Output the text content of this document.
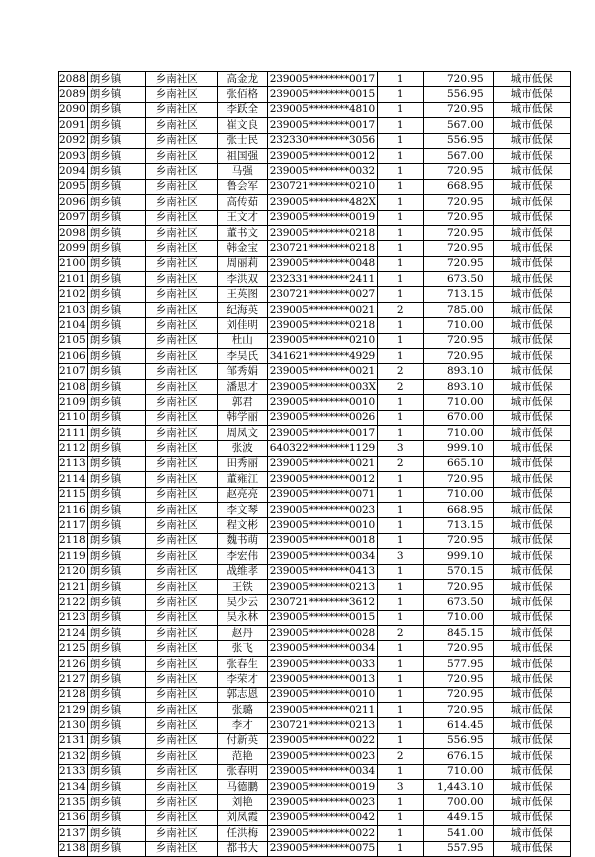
2088	朗乡镇	乡南社区	高金龙	239005********0017	1	720.95	城市低保
2089	朗乡镇	乡南社区	张佰格	239005********0015	1	556.95	城市低保
2090	朗乡镇	乡南社区	李跃全	239005********4810	1	720.95	城市低保
2091	朗乡镇	乡南社区	崔文良	239005********0017	1	567.00	城市低保
2092	朗乡镇	乡南社区	张士民	232330********3056	1	556.95	城市低保
2093	朗乡镇	乡南社区	祖国强	239005********0012	1	567.00	城市低保
2094	朗乡镇	乡南社区	马强	239005********0032	1	720.95	城市低保
2095	朗乡镇	乡南社区	鲁会军	230721********0210	1	668.95	城市低保
2096	朗乡镇	乡南社区	高传茹	239005********482X	1	720.95	城市低保
2097	朗乡镇	乡南社区	王文才	239005********0019	1	720.95	城市低保
2098	朗乡镇	乡南社区	董书文	239005********0218	1	720.95	城市低保
2099	朗乡镇	乡南社区	韩金宝	230721********0218	1	720.95	城市低保
2100	朗乡镇	乡南社区	周丽莉	239005********0048	1	720.95	城市低保
2101	朗乡镇	乡南社区	李洪双	232331********2411	1	673.50	城市低保
2102	朗乡镇	乡南社区	王英图	230721********0027	1	713.15	城市低保
2103	朗乡镇	乡南社区	纪海英	239005********0021	2	785.00	城市低保
2104	朗乡镇	乡南社区	刘佳明	239005********0218	1	710.00	城市低保
2105	朗乡镇	乡南社区	杜山	239005********0210	1	720.95	城市低保
2106	朗乡镇	乡南社区	李吴氏	341621********4929	1	720.95	城市低保
2107	朗乡镇	乡南社区	邹秀娟	239005********0021	2	893.10	城市低保
2108	朗乡镇	乡南社区	潘思才	239005********003X	2	893.10	城市低保
2109	朗乡镇	乡南社区	郭君	239005********0010	1	710.00	城市低保
2110	朗乡镇	乡南社区	韩学丽	239005********0026	1	670.00	城市低保
2111	朗乡镇	乡南社区	周凤文	239005********0017	1	710.00	城市低保
2112	朗乡镇	乡南社区	张波	640322********1129	3	999.10	城市低保
2113	朗乡镇	乡南社区	田秀丽	239005********0021	2	665.10	城市低保
2114	朗乡镇	乡南社区	董雍江	239005********0012	1	720.95	城市低保
2115	朗乡镇	乡南社区	赵亮亮	239005********0071	1	710.00	城市低保
2116	朗乡镇	乡南社区	李文琴	239005********0023	1	668.95	城市低保
2117	朗乡镇	乡南社区	程文彬	239005********0010	1	713.15	城市低保
2118	朗乡镇	乡南社区	魏书萌	239005********0018	1	720.95	城市低保
2119	朗乡镇	乡南社区	李宏伟	239005********0034	3	999.10	城市低保
2120	朗乡镇	乡南社区	战维孝	239005********0413	1	570.15	城市低保
2121	朗乡镇	乡南社区	王铁	239005********0213	1	720.95	城市低保
2122	朗乡镇	乡南社区	吴少云	230721********3612	1	673.50	城市低保
2123	朗乡镇	乡南社区	吴永林	239005********0015	1	710.00	城市低保
2124	朗乡镇	乡南社区	赵丹	239005********0028	2	845.15	城市低保
2125	朗乡镇	乡南社区	张飞	239005********0034	1	720.95	城市低保
2126	朗乡镇	乡南社区	张春生	239005********0033	1	577.95	城市低保
2127	朗乡镇	乡南社区	李荣才	239005********0013	1	720.95	城市低保
2128	朗乡镇	乡南社区	郭志恩	239005********0010	1	720.95	城市低保
2129	朗乡镇	乡南社区	张璐	239005********0211	1	720.95	城市低保
2130	朗乡镇	乡南社区	李才	230721********0213	1	614.45	城市低保
2131	朗乡镇	乡南社区	付新英	239005********0022	1	556.95	城市低保
2132	朗乡镇	乡南社区	范艳	239005********0023	2	676.15	城市低保
2133	朗乡镇	乡南社区	张春明	239005********0034	1	710.00	城市低保
2134	朗乡镇	乡南社区	马德鹏	239005********0019	3	1,443.10	城市低保
2135	朗乡镇	乡南社区	刘艳	239005********0023	1	700.00	城市低保
2136	朗乡镇	乡南社区	刘凤霞	239005********0042	1	449.15	城市低保
2137	朗乡镇	乡南社区	任洪梅	239005********0022	1	541.00	城市低保
2138	朗乡镇	乡南社区	都书大	239005********0075	1	557.95	城市低保
